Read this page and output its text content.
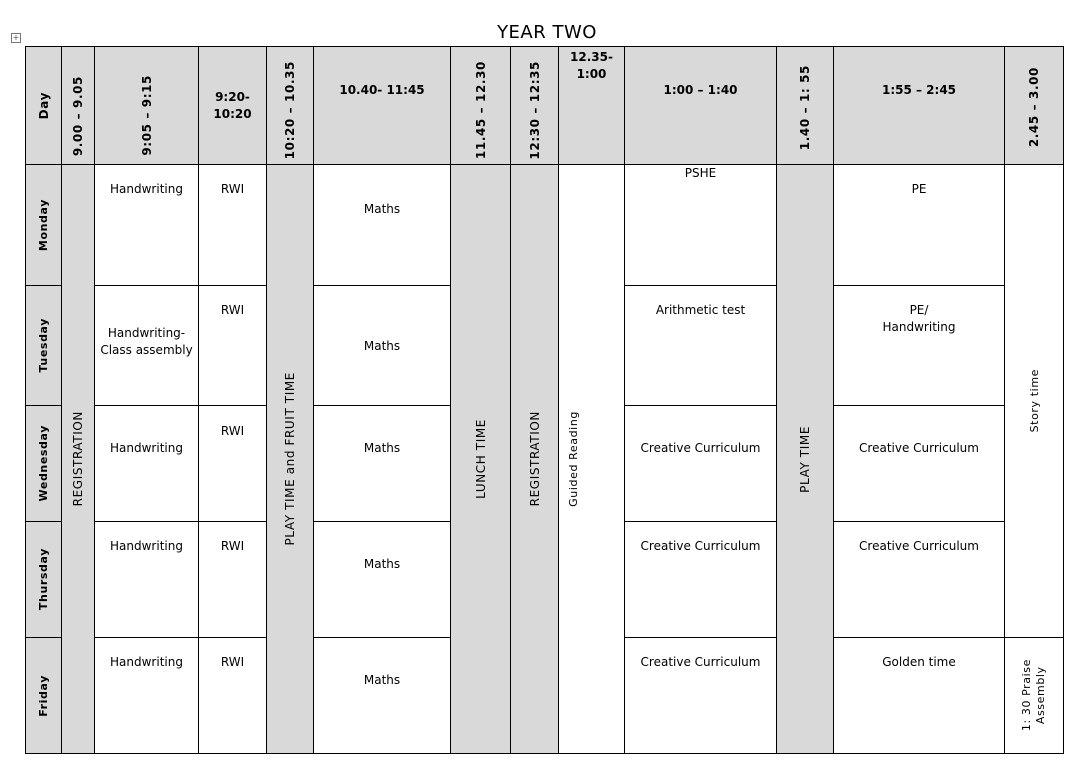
+	YEAR TWO
Day	9.00 – 9.05	9:05 – 9:15	9:20-
10:20	10:20 – 10.35	10.40- 11:45	11.45 – 12.30	12:30 – 12:35	12.35-
1:00	1:00 – 1:40	1.40 – 1: 55	1:55 – 2:45	2.45 – 3.00

Monday	REGISTRATION	Handwriting	RWI	PLAY TIME and FRUIT TIME	Maths	LUNCH TIME	REGISTRATION	Guided Reading	PSHE	PLAY TIME	PE	Story time

Tuesday		Handwriting-
Class assembly	RWI		Maths				Arithmetic test		PE/
Handwriting	

Wednesday		Handwriting	RWI		Maths				Creative Curriculum		Creative Curriculum	

Thursday		Handwriting	RWI		Maths				Creative Curriculum		Creative Curriculum	

Friday		Handwriting	RWI		Maths				Creative Curriculum		Golden time	1: 30 Praise
Assembly
